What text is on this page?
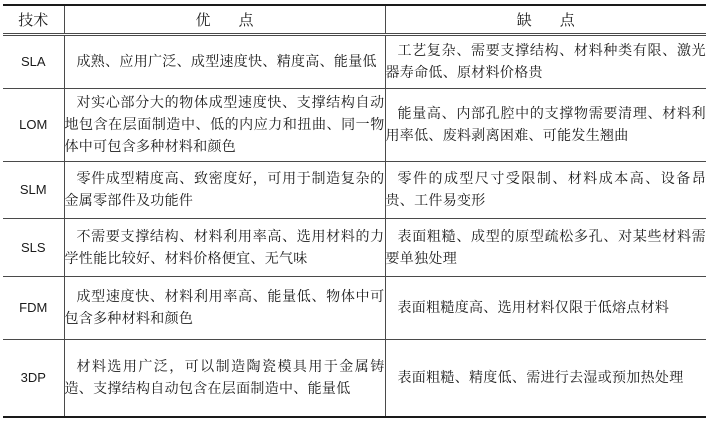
技术	优点	缺点
SLA	成熟、应用广泛、成型速度快、精度高、能量低	工艺复杂、需要支撑结构、材料种类有限、激光器寿命低、原材料价格贵
LOM	对实心部分大的物体成型速度快、支撑结构自动地包含在层面制造中、低的内应力和扭曲、同一物体中可包含多种材料和颜色	能量高、内部孔腔中的支撑物需要清理、材料利用率低、废料剥离困难、可能发生翘曲
SLM	零件成型精度高、致密度好，可用于制造复杂的金属零部件及功能件	零件的成型尺寸受限制、材料成本高、设备昂贵、工件易变形
SLS	不需要支撑结构、材料利用率高、选用材料的力学性能比较好、材料价格便宜、无气味	表面粗糙、成型的原型疏松多孔、对某些材料需要单独处理
FDM	成型速度快、材料利用率高、能量低、物体中可包含多种材料和颜色	表面粗糙度高、选用材料仅限于低熔点材料
3DP	材料选用广泛，可以制造陶瓷模具用于金属铸造、支撑结构自动包含在层面制造中、能量低	表面粗糙、精度低、需进行去湿或预加热处理
